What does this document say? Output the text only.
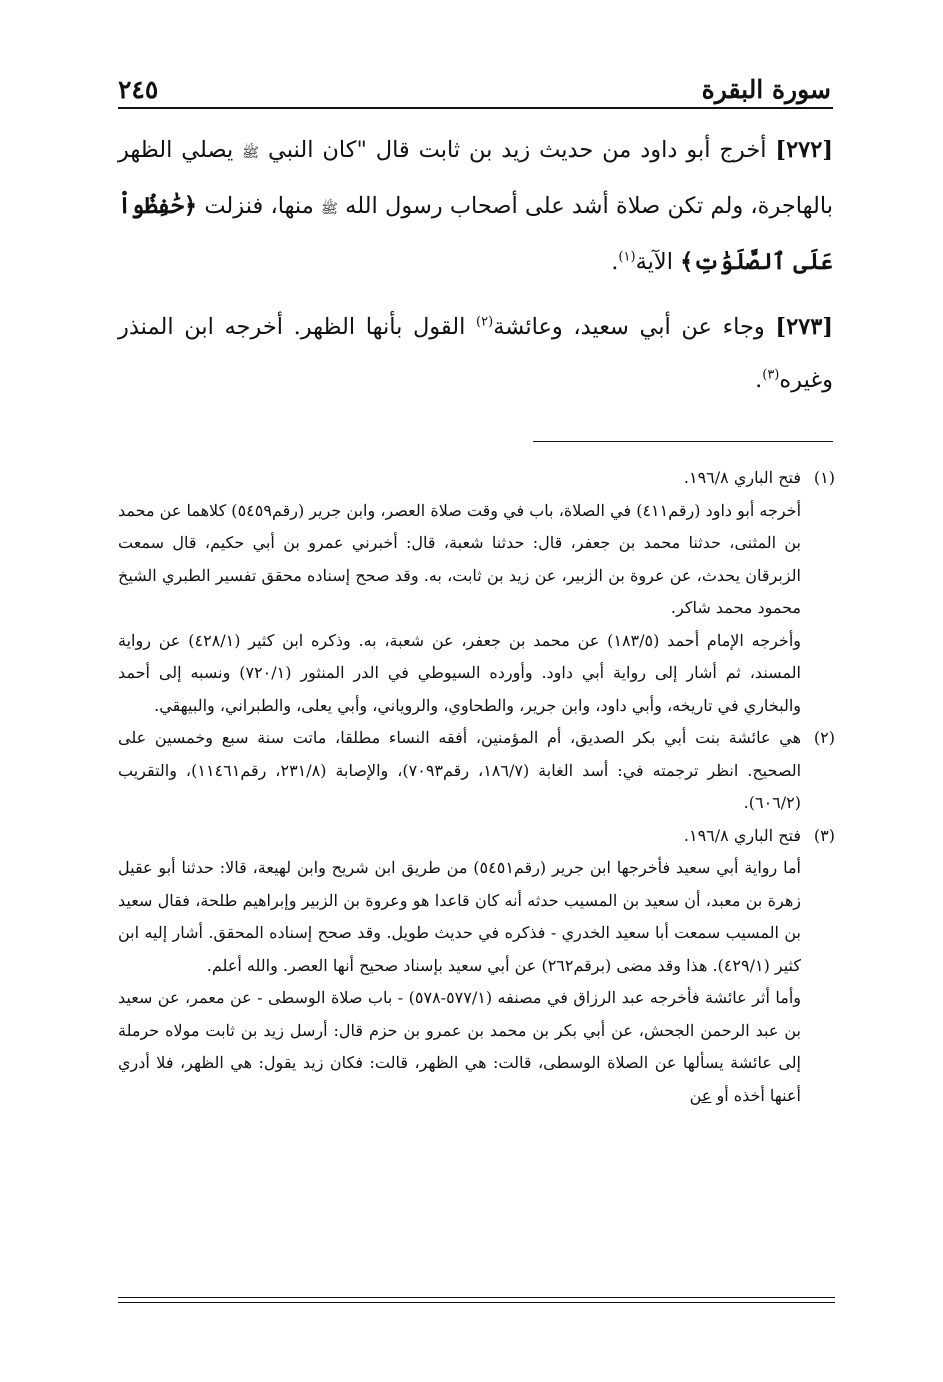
سورة البقرة
٢٤٥

[٢٧٢] أخرج أبو داود من حديث زيد بن ثابت قال "كان النبي ﷺ يصلي الظهر بالهاجرة، ولم تكن صلاة أشد على أصحاب رسول الله ﷺ منها، فنزلت ﴿حَٰفِظُواْ عَلَى ٱلصَّلَوَٰتِ﴾ الآية$^{(١)}$.

[٢٧٣] وجاء عن أبي سعيد، وعائشة$^{(٢)}$ القول بأنها الظهر. أخرجه ابن المنذر وغيره$^{(٣)}$.

(١)

فتح الباري ١٩٦/٨.

أخرجه أبو داود (رقم٤١١) في الصلاة، باب في وقت صلاة العصر، وابن جرير (رقم٥٤٥٩) كلاهما عن محمد بن المثنى، حدثنا محمد بن جعفر، قال: حدثنا شعبة، قال: أخبرني عمرو بن أبي حكيم، قال سمعت الزبرقان يحدث، عن عروة بن الزبير، عن زيد بن ثابت، به. وقد صحح إسناده محقق تفسير الطبري الشيخ محمود محمد شاكر.

وأخرجه الإمام أحمد (١٨٣/٥) عن محمد بن جعفر، عن شعبة، به. وذكره ابن كثير (٤٢٨/١) عن رواية المسند، ثم أشار إلى رواية أبي داود. وأورده السيوطي في الدر المنثور (٧٢٠/١) ونسبه إلى أحمد والبخاري في تاريخه، وأبي داود، وابن جرير، والطحاوي، والروياني، وأبي يعلى، والطبراني، والبيهقي.

(٢)

هي عائشة بنت أبي بكر الصديق، أم المؤمنين، أفقه النساء مطلقا، ماتت سنة سبع وخمسين على الصحيح. انظر ترجمته في: أسد الغابة (١٨٦/٧، رقم٧٠٩٣)، والإصابة (٢٣١/٨، رقم١١٤٦١)، والتقريب (٦٠٦/٢).

(٣)

فتح الباري ١٩٦/٨.

أما رواية أبي سعيد فأخرجها ابن جرير (رقم٥٤٥١) من طريق ابن شريح وابن لهيعة، قالا: حدثنا أبو عقيل زهرة بن معبد، أن سعيد بن المسيب حدثه أنه كان قاعدا هو وعروة بن الزبير وإبراهيم طلحة، فقال سعيد بن المسيب سمعت أبا سعيد الخدري - فذكره في حديث طويل. وقد صحح إسناده المحقق. أشار إليه ابن كثير (٤٢٩/١). هذا وقد مضى (برقم٢٦٢) عن أبي سعيد بإسناد صحيح أنها العصر. والله أعلم.

وأما أثر عائشة فأخرجه عبد الرزاق في مصنفه (٥٧٧/١-٥٧٨) - باب صلاة الوسطى - عن معمر، عن سعيد بن عبد الرحمن الجحش، عن أبي بكر بن محمد بن عمرو بن حزم قال: أرسل زيد بن ثابت مولاه حرملة إلى عائشة يسألها عن الصلاة الوسطى، قالت: هي الظهر، قالت: فكان زيد يقول: هي الظهر، فلا أدري أعنها أخذه أو عن
